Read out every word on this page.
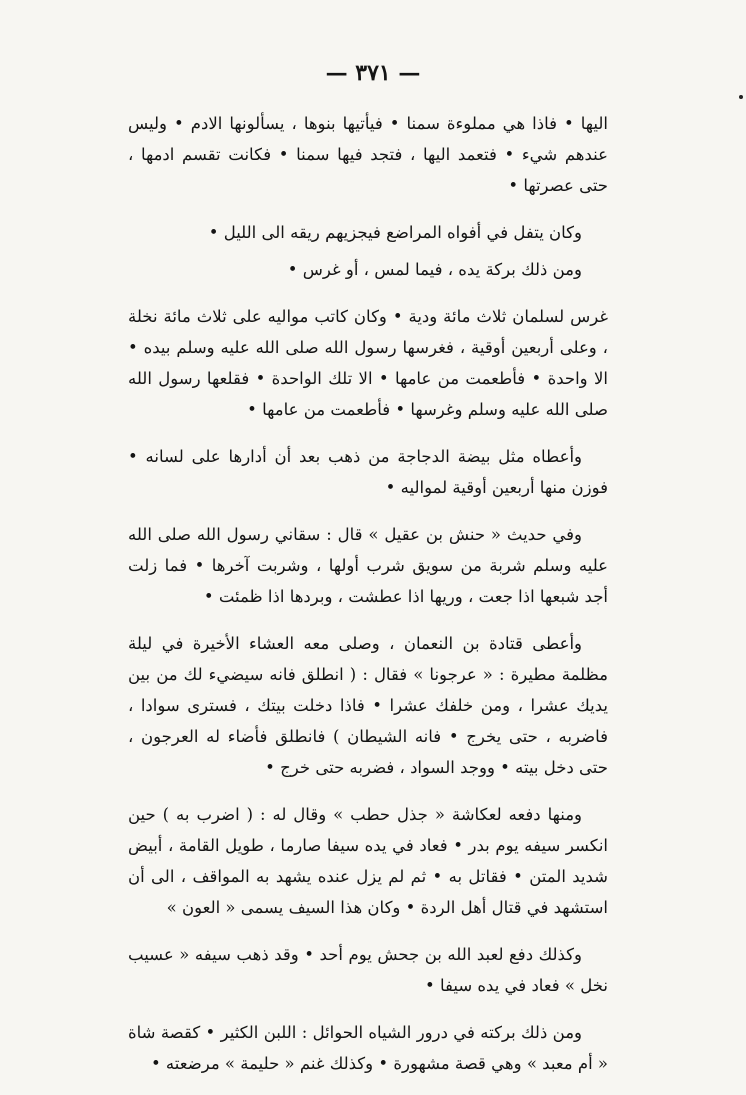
— ٣٧١ —

اليها • فاذا هي مملوءة سمنا • فيأتيها بنوها ، يسألونها الادم • وليس عندهم شيء • فتعمد اليها ، فتجد فيها سمنا • فكانت تقسم ادمها ، حتى عصرتها •

وكان يتفل في أفواه المراضع فيجزيهم ريقه الى الليل •

ومن ذلك بركة يده ، فيما لمس ، أو غرس •

غرس لسلمان ثلاث مائة ودية • وكان كاتب مواليه على ثلاث مائة نخلة ، وعلى أربعين أوقية ، فغرسها رسول الله صلى الله عليه وسلم بيده • الا واحدة • فأطعمت من عامها • الا تلك الواحدة • فقلعها رسول الله صلى الله عليه وسلم وغرسها • فأطعمت من عامها •

وأعطاه مثل بيضة الدجاجة من ذهب بعد أن أدارها على لسانه • فوزن منها أربعين أوقية لمواليه •

وفي حديث « حنش بن عقيل » قال : سقاني رسول الله صلى الله عليه وسلم شربة من سويق شرب أولها ، وشربت آخرها • فما زلت أجد شبعها اذا جعت ، وريها اذا عطشت ، وبردها اذا ظمئت •

وأعطى قتادة بن النعمان ، وصلى معه العشاء الأخيرة في ليلة مظلمة مطيرة : « عرجونا » فقال : ( انطلق فانه سيضيء لك من بين يديك عشرا ، ومن خلفك عشرا • فاذا دخلت بيتك ، فسترى سوادا ، فاضربه ، حتى يخرج • فانه الشيطان ) فانطلق فأضاء له العرجون ، حتى دخل بيته • ووجد السواد ، فضربه حتى خرج •

ومنها دفعه لعكاشة « جذل حطب » وقال له : ( اضرب به ) حين انكسر سيفه يوم بدر • فعاد في يده سيفا صارما ، طويل القامة ، أبيض شديد المتن • فقاتل به • ثم لم يزل عنده يشهد به المواقف ، الى أن استشهد في قتال أهل الردة • وكان هذا السيف يسمى « العون »

وكذلك دفع لعبد الله بن جحش يوم أحد • وقد ذهب سيفه « عسيب نخل » فعاد في يده سيفا •

ومن ذلك بركته في درور الشياه الحوائل : اللبن الكثير • كقصة شاة « أم معبد » وهي قصة مشهورة • وكذلك غنم « حليمة » مرضعته •
